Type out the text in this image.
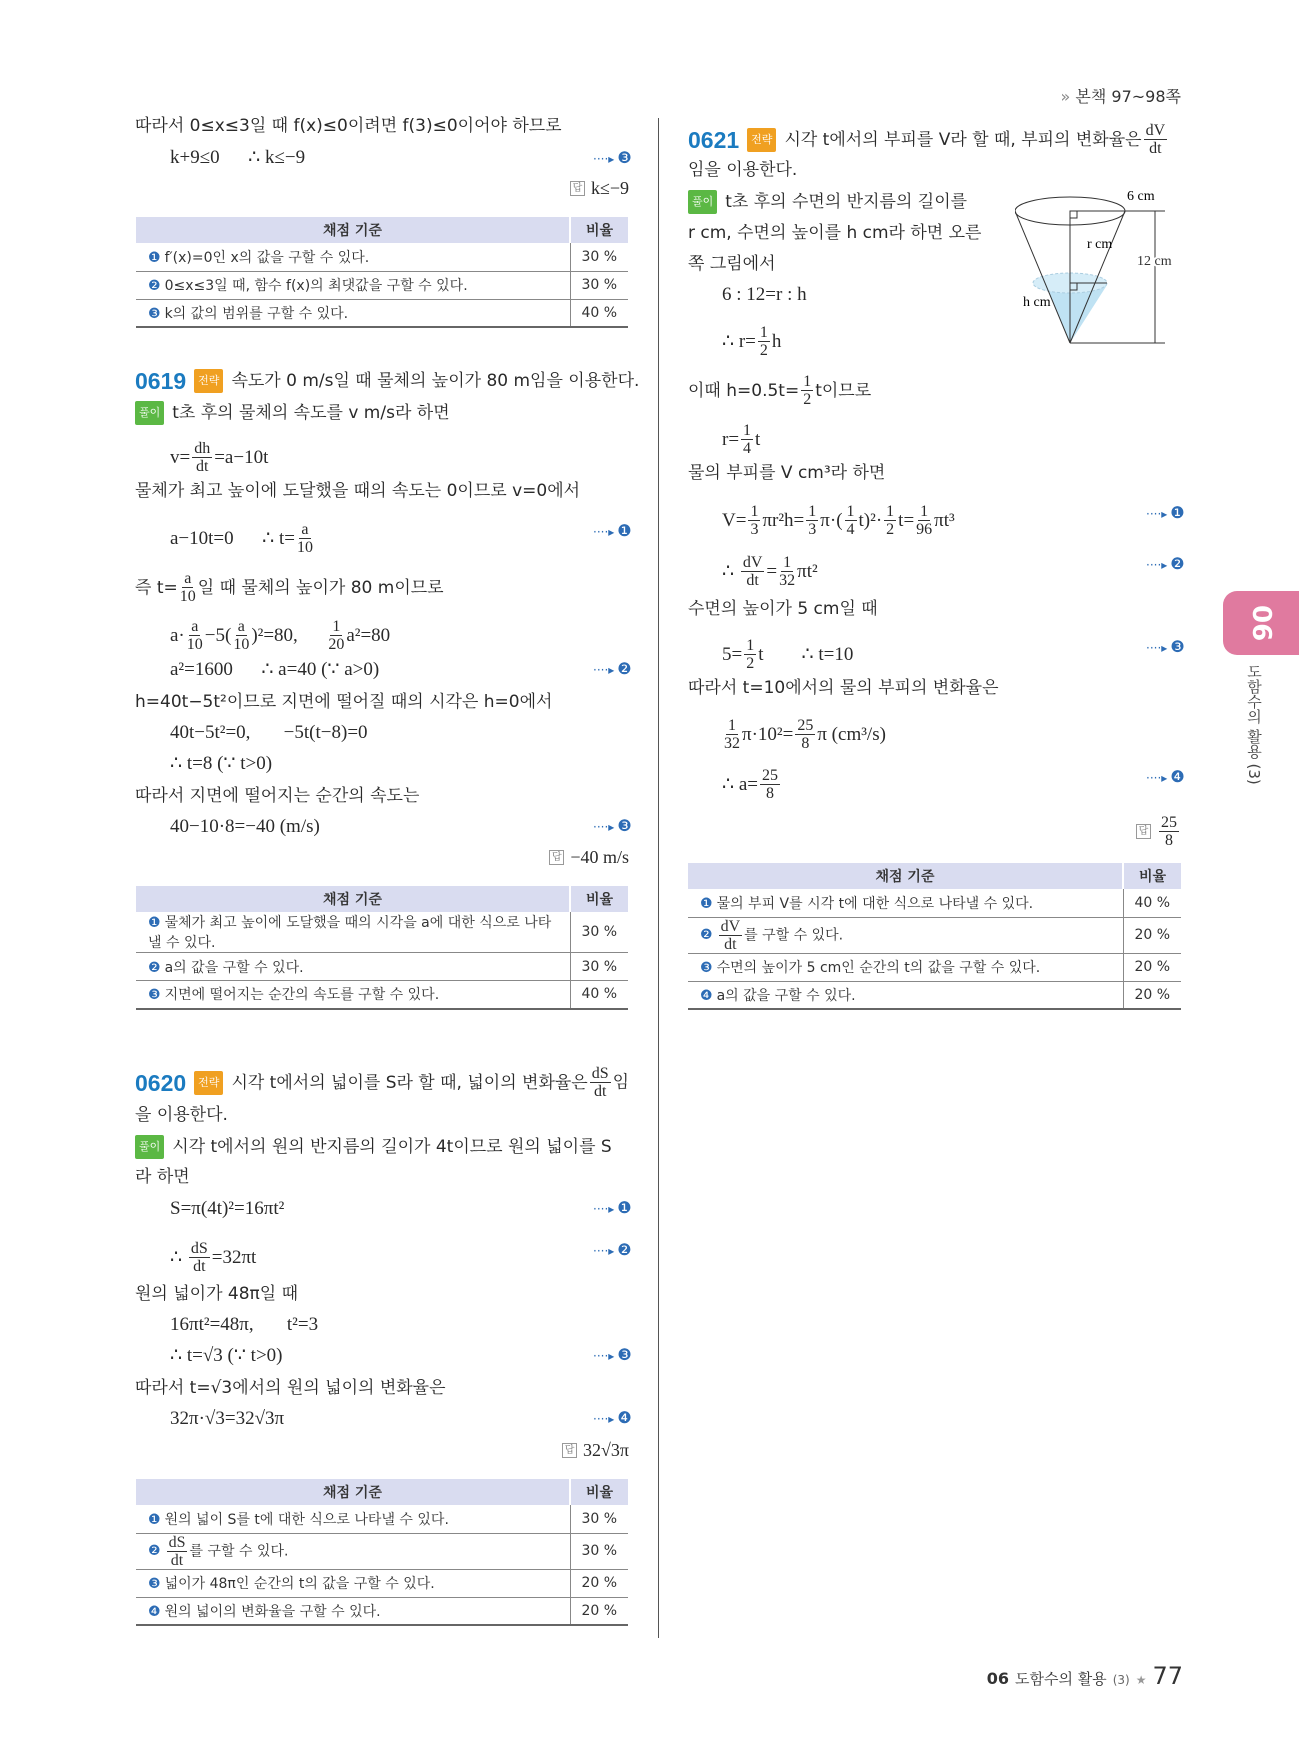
» 본책 97~98쪽
따라서 0≤x≤3일 때 f(x)≤0이려면 f(3)≤0이어야 하므로
k+9≤0      ∴ k≤−9	····▸ ❸
답 k≤−9
채점 기준	비율
❶ f′(x)=0인 x의 값을 구할 수 있다.	30 %
❷ 0≤x≤3일 때, 함수 f(x)의 최댓값을 구할 수 있다.	30 %
❸ k의 값의 범위를 구할 수 있다.	40 %
0619	전략 속도가 0 m/s일 때 물체의 높이가 80 m임을 이용한다.
풀이 t초 후의 물체의 속도를 v m/s라 하면
$v= \frac{dh}{dt} =a-10t$
물체가 최고 높이에 도달했을 때의 속도는 0이므로 v=0에서
a−10t=0      ∴ $t= \frac{a}{10}$	····▸ ❶
즉 $t= \frac{a}{10}$ 일 때 물체의 높이가 80 m이므로
$a\cdot \frac{a}{10} -5( \frac{a}{10} )^2=80$, $\frac{1}{20} a^2=80$
a²=1600      ∴ a=40 (∵ a>0)	····▸ ❷
h=40t−5t²이므로 지면에 떨어질 때의 시각은 h=0에서
40t−5t²=0,       −5t(t−8)=0
∴ t=8 (∵ t>0)
따라서 지면에 떨어지는 순간의 속도는
40−10·8=−40 (m/s)	····▸ ❸
답 −40 m/s
채점 기준	비율
❶ 물체가 최고 높이에 도달했을 때의 시각을 a에 대한 식으로 나타낼 수 있다.	30 %
❷ a의 값을 구할 수 있다.	30 %
❸ 지면에 떨어지는 순간의 속도를 구할 수 있다.	40 %
0620	전략 시각 t에서의 넓이를 S라 할 때, 넓이의 변화율은 $\frac{dS}{dt}$ 임
을 이용한다.
풀이 시각 t에서의 원의 반지름의 길이가 4t이므로 원의 넓이를 S
라 하면
S=π(4t)²=16πt²	····▸ ❶
∴ $\frac{dS}{dt} =32\pi t$	····▸ ❷
원의 넓이가 48π일 때
16πt²=48π,       t²=3
∴ t=√3 (∵ t>0)	····▸ ❸
따라서 t=√3에서의 원의 넓이의 변화율은
32π·√3=32√3π	····▸ ❹
답 32√3π
채점 기준	비율
❶ 원의 넓이 S를 t에 대한 식으로 나타낼 수 있다.	30 %
❷ $\frac{dS}{dt}$ 를 구할 수 있다.	30 %
❸ 넓이가 48π인 순간의 t의 값을 구할 수 있다.	20 %
❹ 원의 넓이의 변화율을 구할 수 있다.	20 %
0621	전략 시각 t에서의 부피를 V라 할 때, 부피의 변화율은 $\frac{dV}{dt}$
임을 이용한다.
풀이 t초 후의 수면의 반지름의 길이를
r cm, 수면의 높이를 h cm라 하면 오른
쪽 그림에서
6 : 12=r : h
∴ $r= \frac{1}{2}$ h
이때 $h=0.5t= \frac{1}{2}$ t이므로
$r= \frac{1}{4}$ t
물의 부피를 V cm³라 하면
$V= \frac{1}{3} \pi r^2h= \frac{1}{3} \pi\cdot( \frac{1}{4} t)^2\cdot \frac{1}{2} t= \frac{1}{96} \pi t^3$	····▸ ❶
∴ $\frac{dV}{dt} = \frac{1}{32} \pi t^2$	····▸ ❷
수면의 높이가 5 cm일 때
$5= \frac{1}{2}$ t        ∴ t=10	····▸ ❸
따라서 t=10에서의 물의 부피의 변화율은
$\frac{1}{32} \pi\cdot 10^2= \frac{25}{8}$ π (cm³/s)
∴ $a= \frac{25}{8}$	····▸ ❹
답 $\frac{25}{8}$
6 cm
r cm
12 cm
h cm
채점 기준	비율
❶ 물의 부피 V를 시각 t에 대한 식으로 나타낼 수 있다.	40 %
❷ $\frac{dV}{dt}$ 를 구할 수 있다.	20 %
❸ 수면의 높이가 5 cm인 순간의 t의 값을 구할 수 있다.	20 %
❹ a의 값을 구할 수 있다.	20 %
06
도함수의 활용 (3)
06 도함수의 활용 (3) ★ 77
